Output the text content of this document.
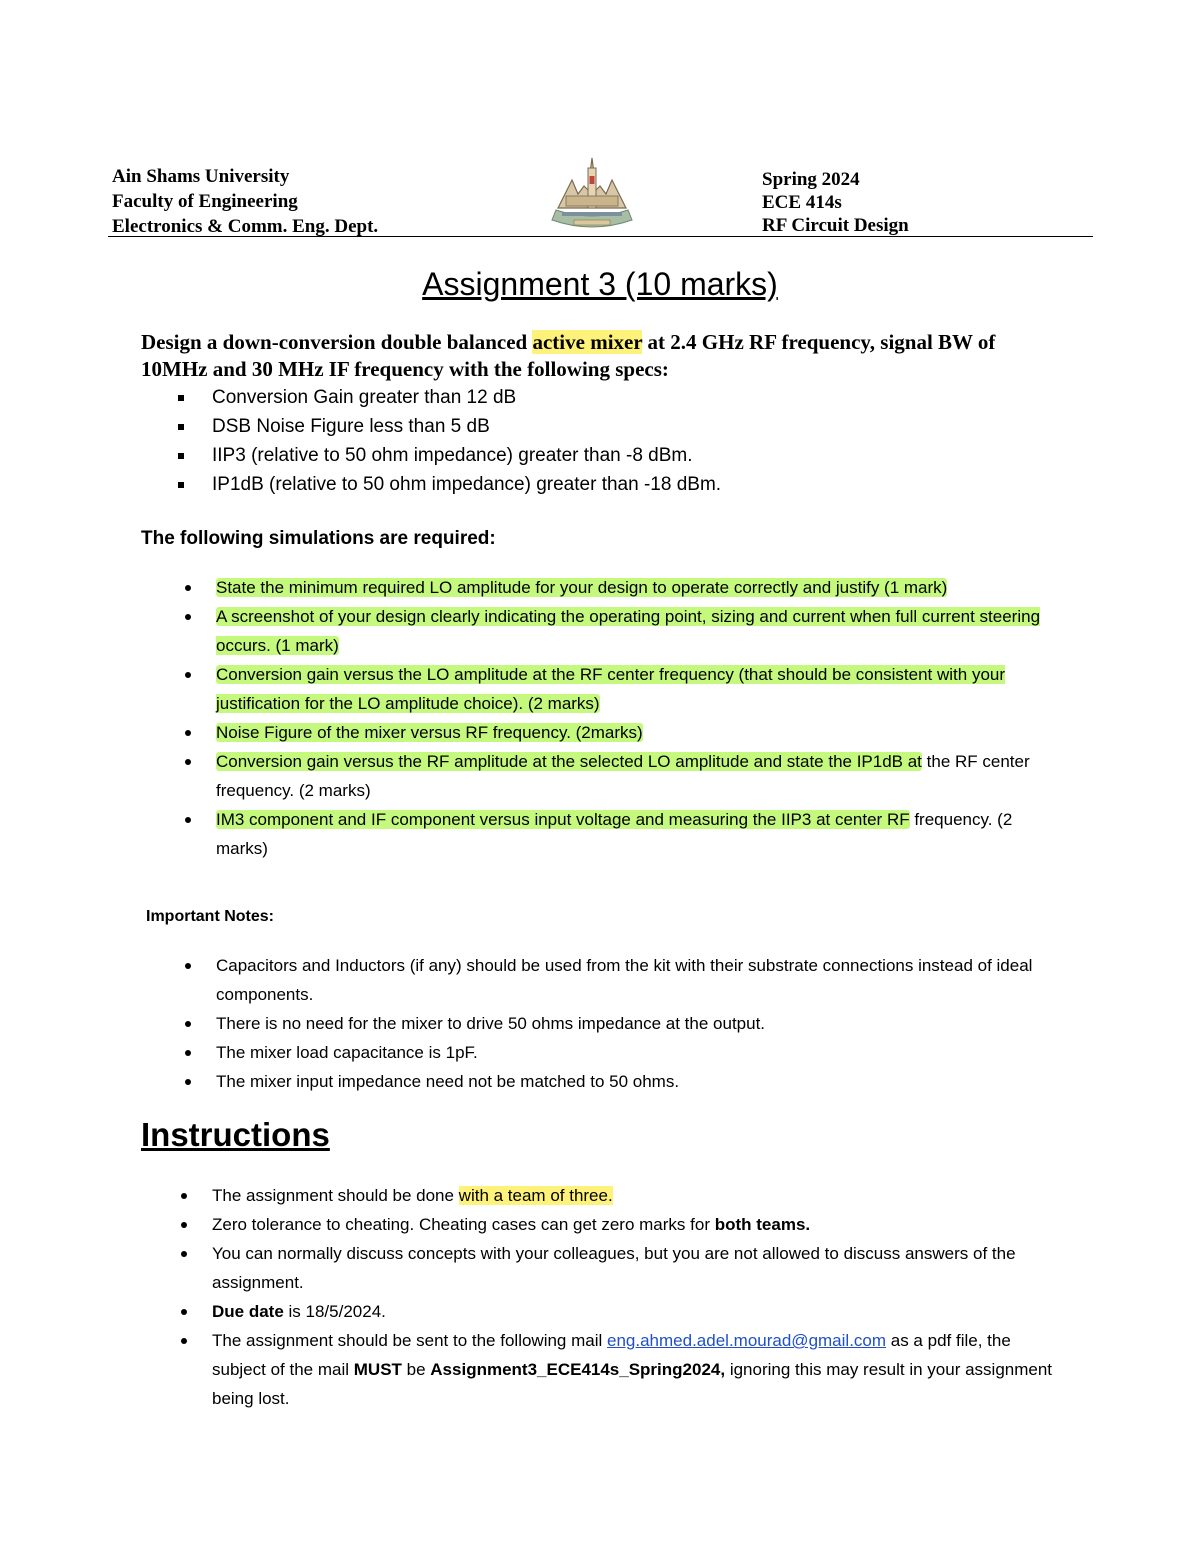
Ain Shams University
Faculty of Engineering
Electronics & Comm. Eng. Dept.
Spring 2024
ECE 414s
RF Circuit Design
Assignment 3 (10 marks)
Design a down-conversion double balanced active mixer at 2.4 GHz RF frequency, signal BW of 10MHz and 30 MHz IF frequency with the following specs:
Conversion Gain greater than 12 dB
DSB Noise Figure less than 5 dB
IIP3 (relative to 50 ohm impedance) greater than -8 dBm.
IP1dB (relative to 50 ohm impedance) greater than -18 dBm.
The following simulations are required:
State the minimum required LO amplitude for your design to operate correctly and justify (1 mark)
A screenshot of your design clearly indicating the operating point, sizing and current when full current steering occurs. (1 mark)
Conversion gain versus the LO amplitude at the RF center frequency (that should be consistent with your justification for the LO amplitude choice). (2 marks)
Noise Figure of the mixer versus RF frequency. (2marks)
Conversion gain versus the RF amplitude at the selected LO amplitude and state the IP1dB at the RF center frequency. (2 marks)
IM3 component and IF component versus input voltage and measuring the IIP3 at center RF frequency. (2 marks)
Important Notes:
Capacitors and Inductors (if any) should be used from the kit with their substrate connections instead of ideal components.
There is no need for the mixer to drive 50 ohms impedance at the output.
The mixer load capacitance is 1pF.
The mixer input impedance need not be matched to 50 ohms.
Instructions
The assignment should be done with a team of three.
Zero tolerance to cheating. Cheating cases can get zero marks for both teams.
You can normally discuss concepts with your colleagues, but you are not allowed to discuss answers of the assignment.
Due date is 18/5/2024.
The assignment should be sent to the following mail eng.ahmed.adel.mourad@gmail.com as a pdf file, the subject of the mail MUST be Assignment3_ECE414s_Spring2024, ignoring this may result in your assignment being lost.
